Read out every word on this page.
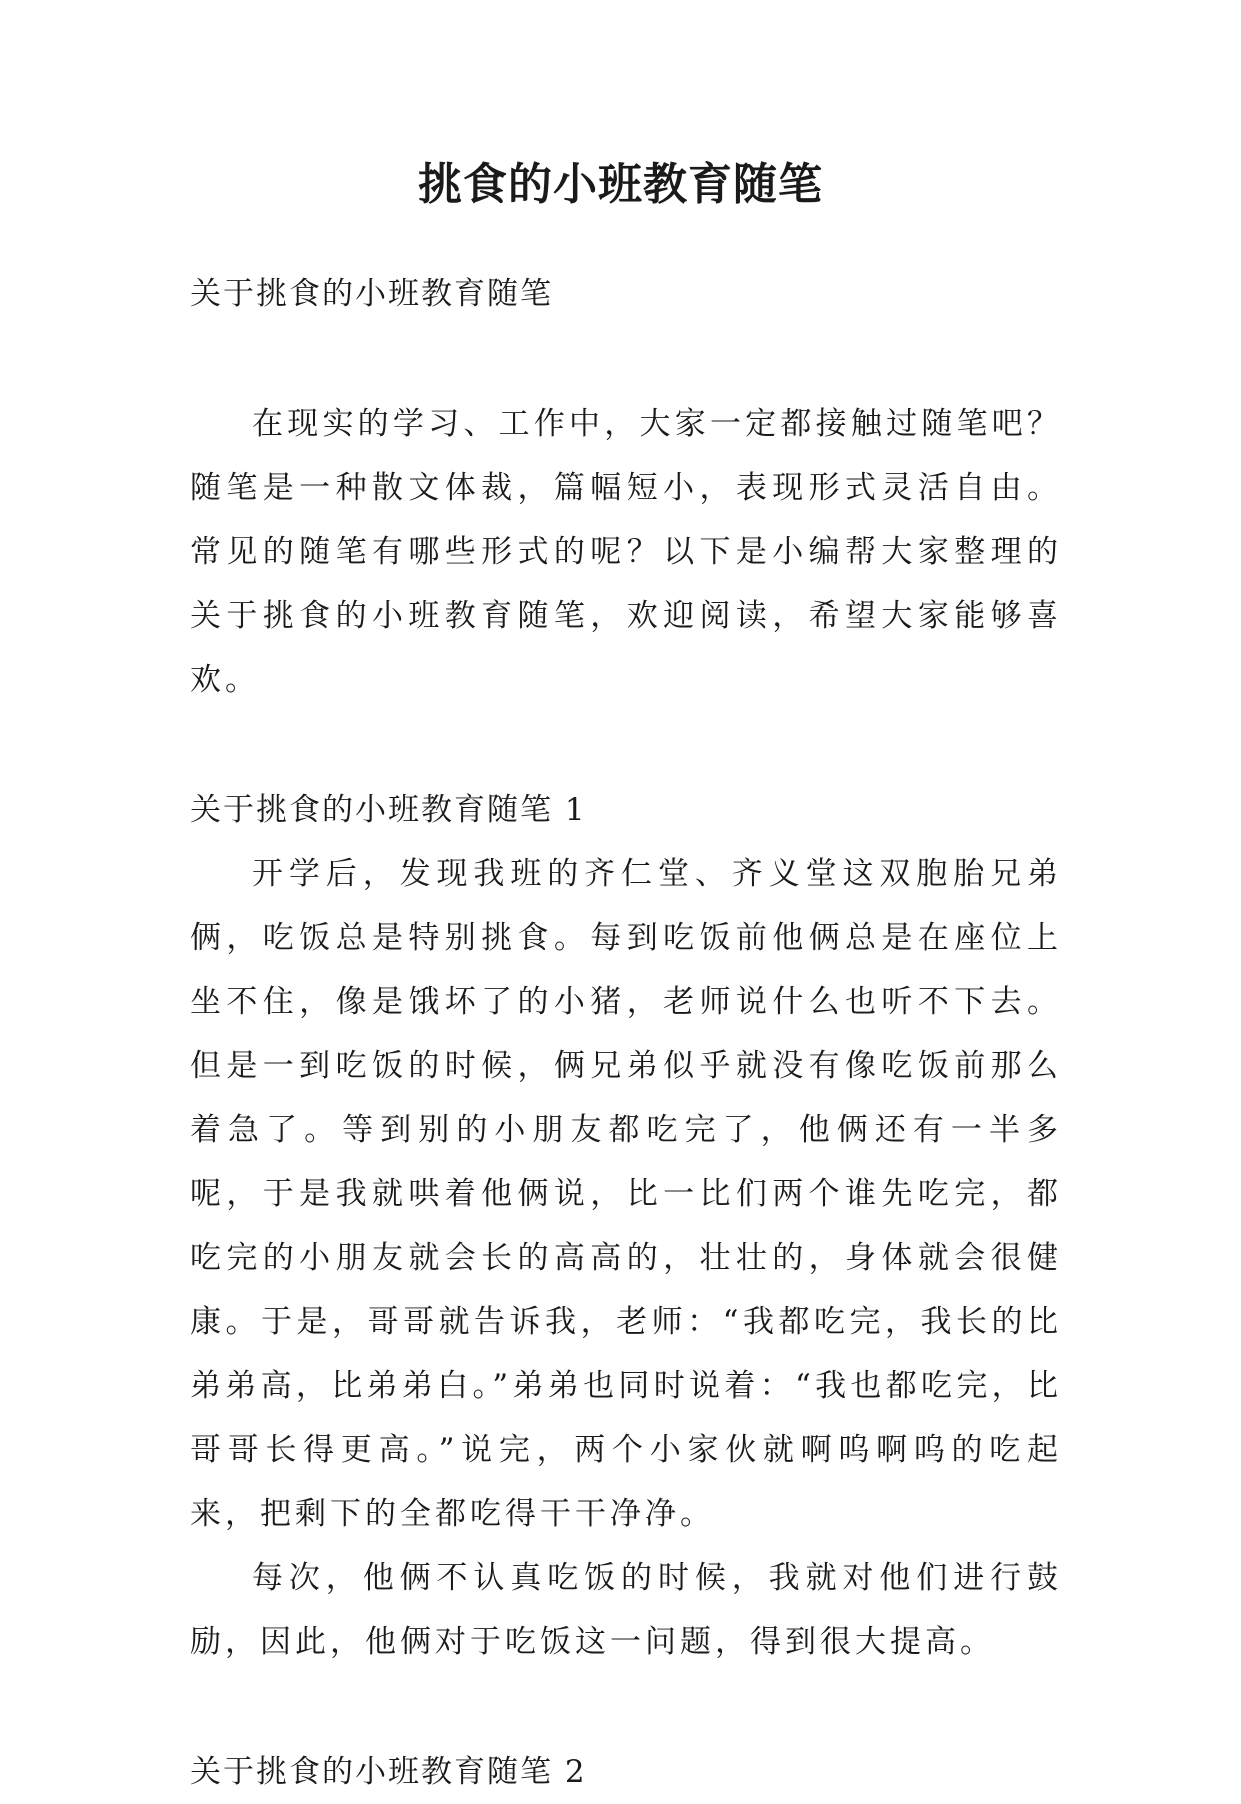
挑食的小班教育随笔

关于挑食的小班教育随笔

在现实的学习、工作中，大家一定都接触过随笔吧？随笔是一种散文体裁，篇幅短小，表现形式灵活自由。常见的随笔有哪些形式的呢？以下是小编帮大家整理的关于挑食的小班教育随笔，欢迎阅读，希望大家能够喜欢。

关于挑食的小班教育随笔 1

开学后，发现我班的齐仁堂、齐义堂这双胞胎兄弟俩，吃饭总是特别挑食。每到吃饭前他俩总是在座位上坐不住，像是饿坏了的小猪，老师说什么也听不下去。但是一到吃饭的时候，俩兄弟似乎就没有像吃饭前那么着急了。等到别的小朋友都吃完了，他俩还有一半多呢，于是我就哄着他俩说，比一比们两个谁先吃完，都吃完的小朋友就会长的高高的，壮壮的，身体就会很健康。于是，哥哥就告诉我，老师：“我都吃完，我长的比弟弟高，比弟弟白。”弟弟也同时说着：“我也都吃完，比哥哥长得更高。”说完，两个小家伙就啊呜啊呜的吃起来，把剩下的全都吃得干干净净。

每次，他俩不认真吃饭的时候，我就对他们进行鼓励，因此，他俩对于吃饭这一问题，得到很大提高。

关于挑食的小班教育随笔 2
